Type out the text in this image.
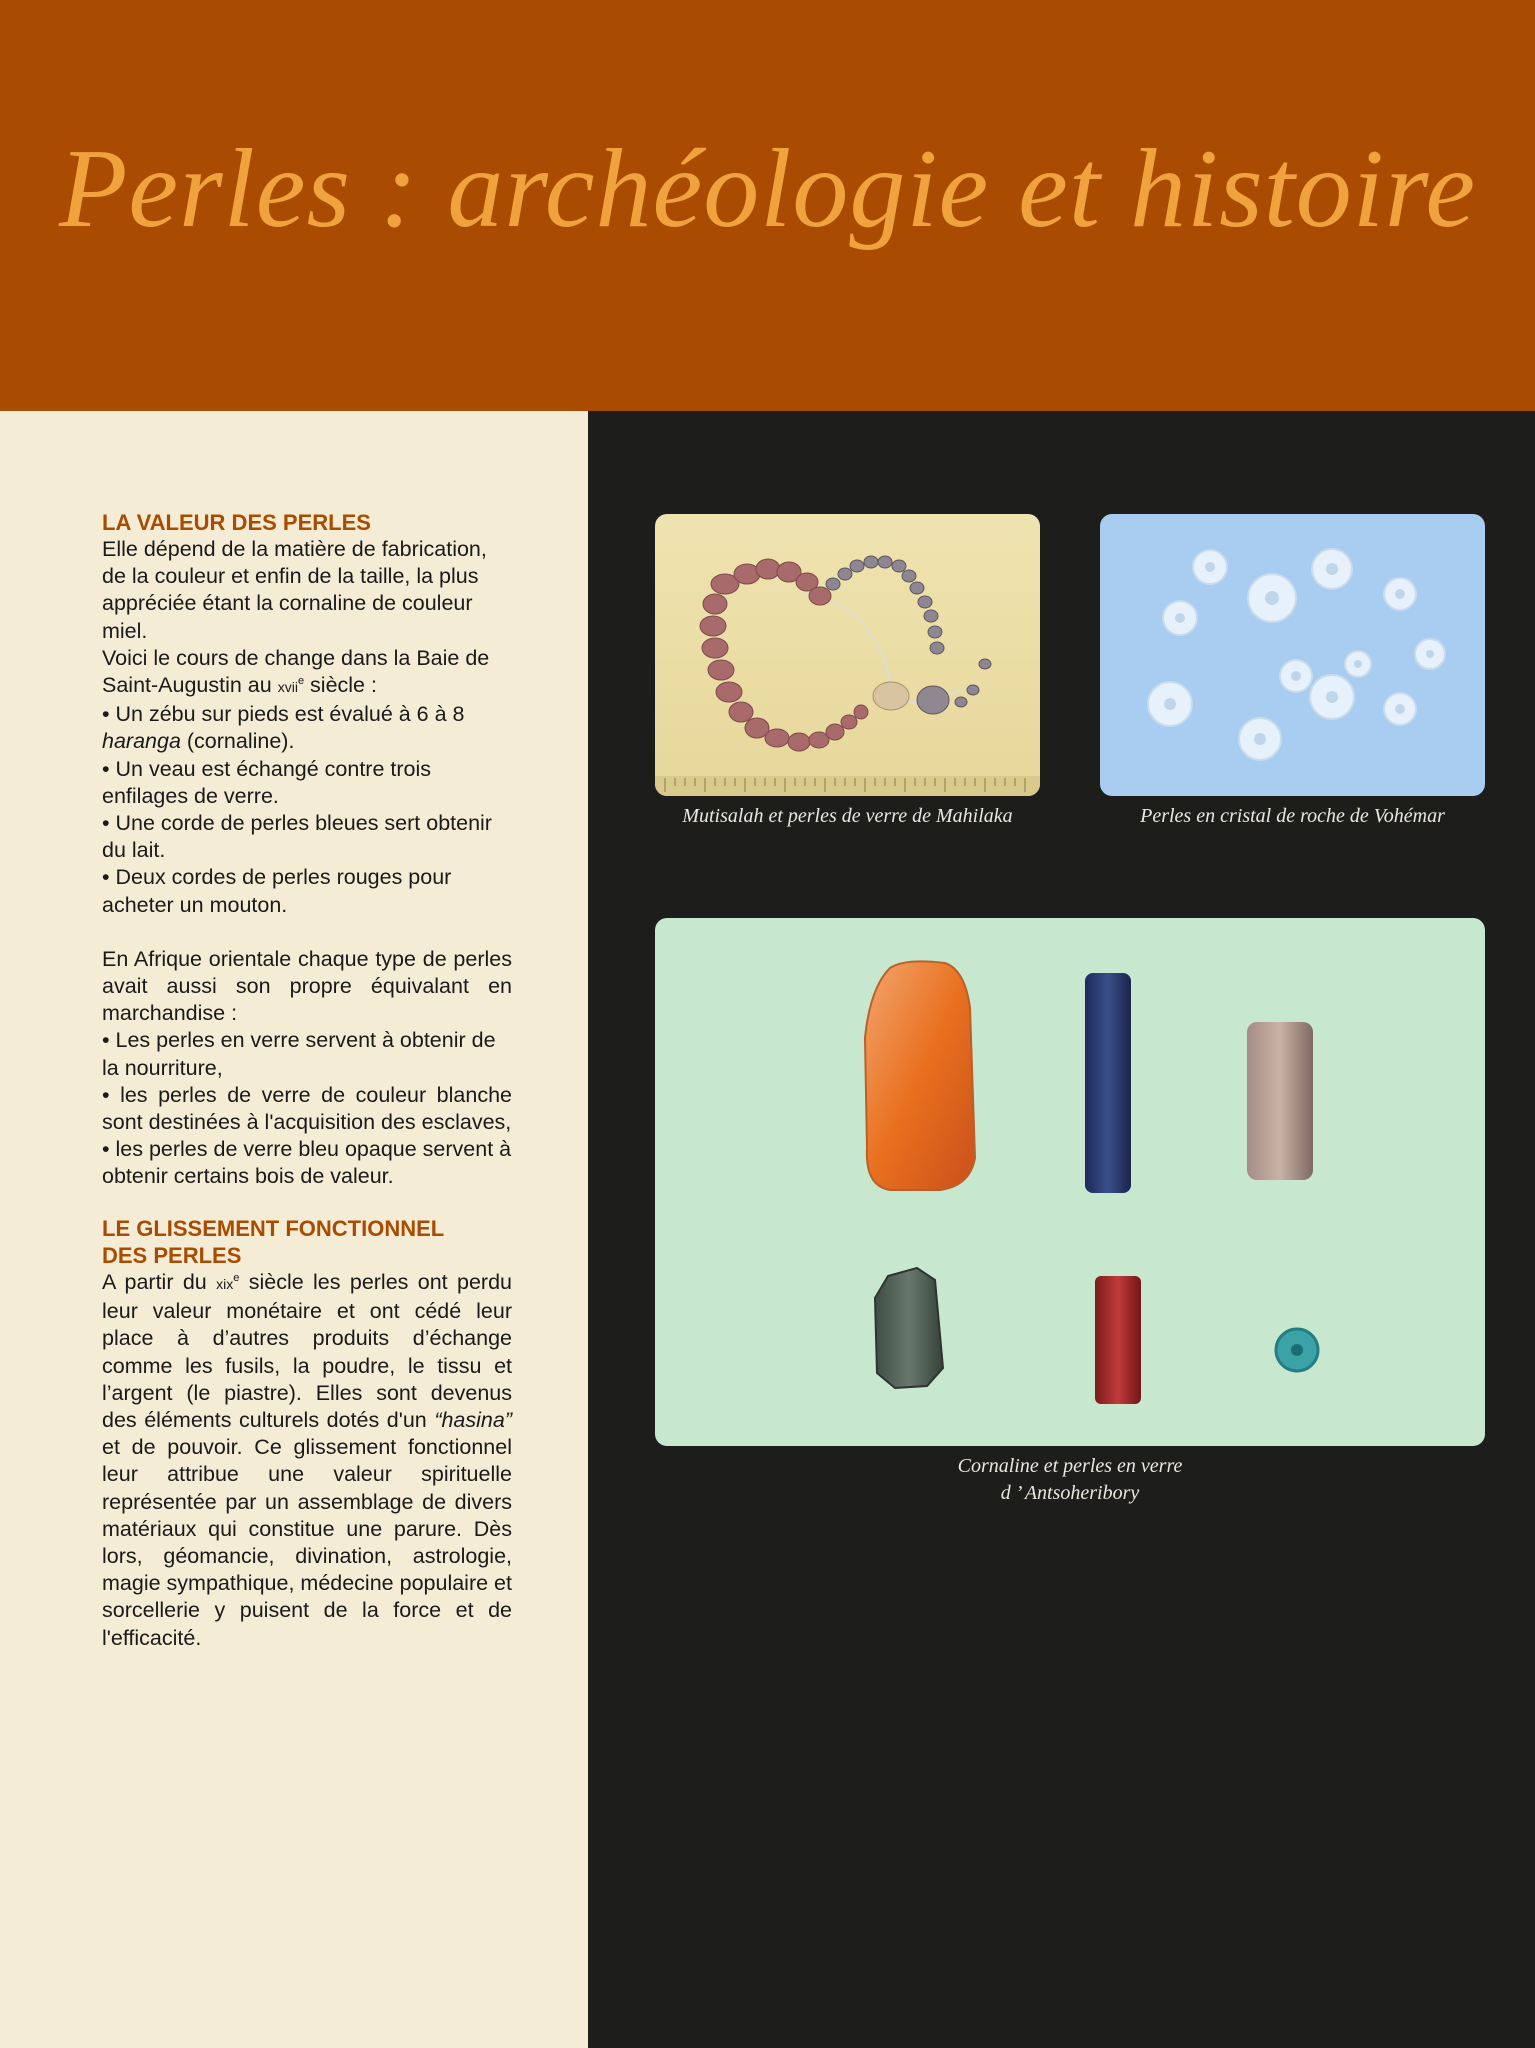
Perles : archéologie et histoire
LA VALEUR DES PERLES

Elle dépend de la matière de fabrication, de la couleur et enfin de la taille, la plus appréciée étant la cornaline de couleur miel.

Voici le cours de change dans la Baie de Saint-Augustin au xvii$^e$ siècle :

• Un zébu sur pieds est évalué à 6 à 8 haranga (cornaline).

• Un veau est échangé contre trois enfilages de verre.

• Une corde de perles bleues sert obtenir du lait.

• Deux cordes de perles rouges pour acheter un mouton.

En Afrique orientale chaque type de perles avait aussi son propre équivalant en marchandise :

• Les perles en verre servent à obtenir de la nourriture,

• les perles de verre de couleur blanche sont destinées à l'acquisition des esclaves,

• les perles de verre bleu opaque servent à obtenir certains bois de valeur.

LE GLISSEMENT FONCTIONNEL
DES PERLES

A partir du xix$^e$ siècle les perles ont perdu leur valeur monétaire et ont cédé leur place à d’autres produits d’échange comme les fusils, la poudre, le tissu et l’argent (le piastre). Elles sont devenus des éléments culturels dotés d'un “hasina” et de pouvoir. Ce glissement fonctionnel leur attribue une valeur spirituelle représentée par un assemblage de divers matériaux qui constitue une parure. Dès lors, géomancie, divination, astrologie, magie sympathique, médecine populaire et sorcellerie y puisent de la force et de l'efficacité.

Mutisalah et perles de verre de Mahilaka	Perles en cristal de roche de Vohémar
Cornaline et perles en verre
d ’ Antsoheribory
